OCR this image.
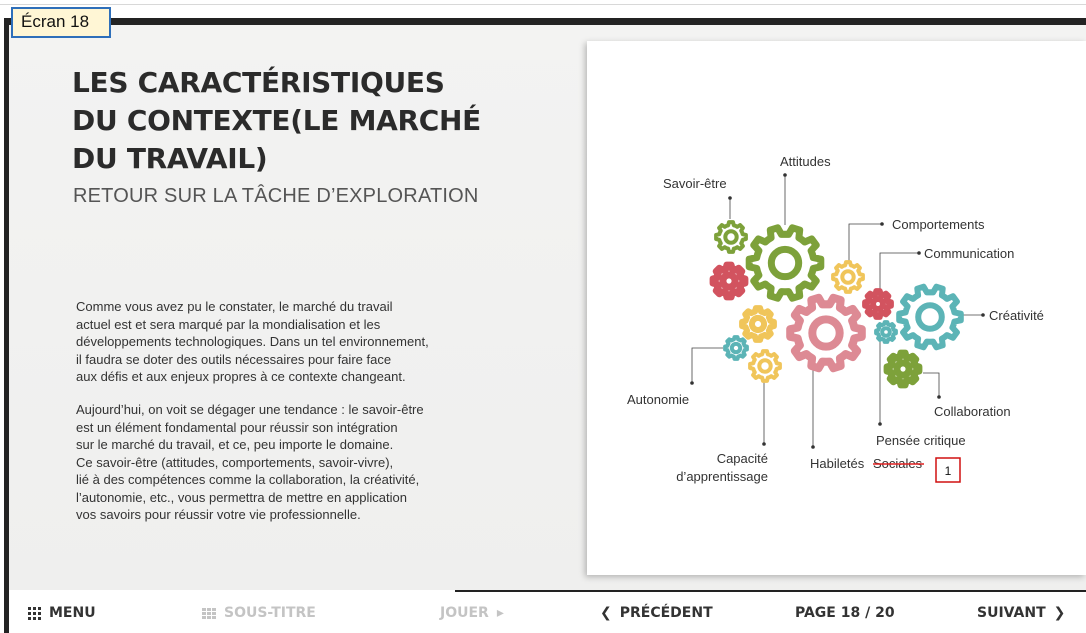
Écran 18
LES CARACTÉRISTIQUES
DU CONTEXTE(LE MARCHÉ
DU TRAVAIL)
RETOUR SUR LA TÂCHE D’EXPLORATION
Comme vous avez pu le constater, le marché du travail
actuel est et sera marqué par la mondialisation et les
développements technologiques. Dans un tel environnement,
il faudra se doter des outils nécessaires pour faire face
aux défis et aux enjeux propres à ce contexte changeant.
Aujourd’hui, on voit se dégager une tendance : le savoir-être
est un élément fondamental pour réussir son intégration
sur le marché du travail, et ce, peu importe le domaine.
Ce savoir-être (attitudes, comportements, savoir-vivre),
lié à des compétences comme la collaboration, la créativité,
l’autonomie, etc., vous permettra de mettre en application
vos savoirs pour réussir votre vie professionnelle.
Attitudes
Savoir-être
Comportements
Communication
Créativité
Collaboration
Pensée critique
Habiletés Sociales
Capacité
d’apprentissage
Autonomie
1
MENU	SOUS-TITRE	JOUER ▸	❮ PRÉCÉDENT	PAGE 18 / 20	SUIVANT ❯
